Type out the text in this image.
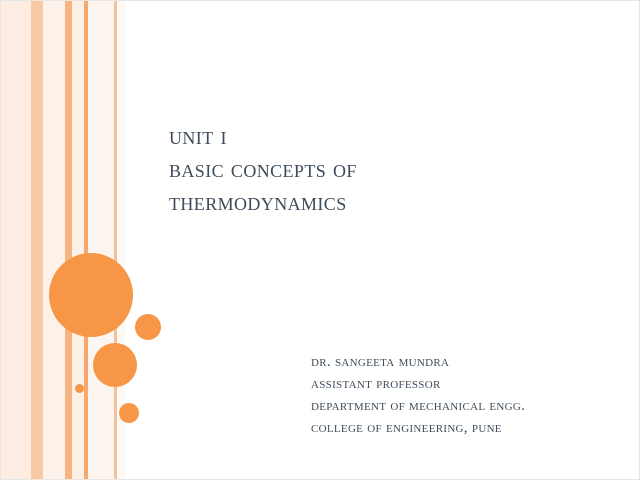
unit i
basic concepts of
thermodynamics
dr. sangeeta mundra
assistant professor
department of mechanical engg.
college of engineering, pune
